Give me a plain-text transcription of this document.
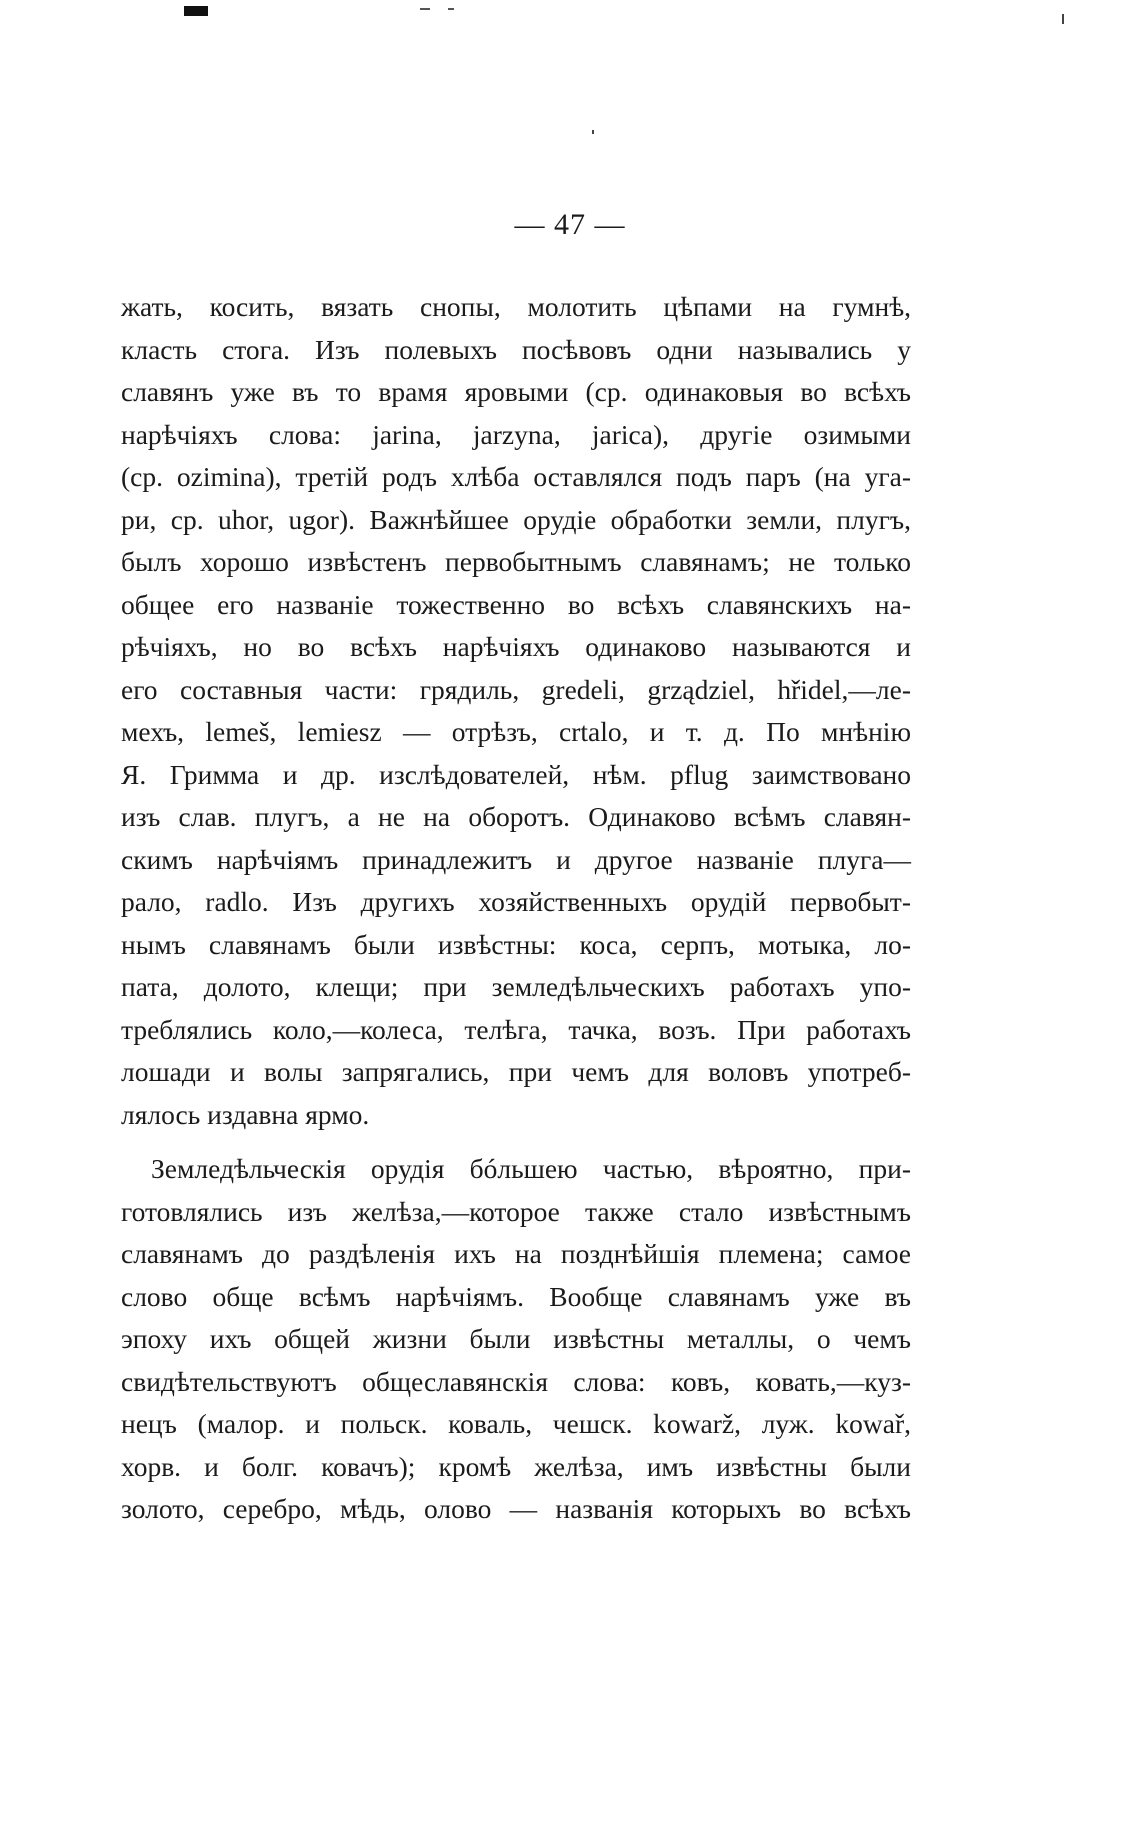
— 47 —
жать, косить, вязать снопы, молотить цѣпами на гумнѣ,
класть стога. Изъ полевыхъ посѣвовъ одни назывались у
славянъ уже въ то врамя яровыми (ср. одинаковыя во всѣхъ
нарѣчіяхъ слова: jarina, jarzyna, jarica), другіе озимыми
(ср. ozimina), третій родъ хлѣба оставлялся подъ паръ (на уга-
ри, ср. uhor, ugor). Важнѣйшее орудіе обработки земли, плугъ,
былъ хорошо извѣстенъ первобытнымъ славянамъ; не только
общее его названіе тожественно во всѣхъ славянскихъ на-
рѣчіяхъ, но во всѣхъ нарѣчіяхъ одинаково называются и
его составныя части: грядиль, gredeli, grządziel, hřidel,—ле-
мехъ, lemeš, lemiesz — отрѣзъ, crtalo, и т. д. По мнѣнію
Я. Гримма и др. изслѣдователей, нѣм. pflug заимствовано
изъ слав. плугъ, а не на оборотъ. Одинаково всѣмъ славян-
скимъ нарѣчіямъ принадлежитъ и другое названіе плуга—
рало, radlo. Изъ другихъ хозяйственныхъ орудій первобыт-
нымъ славянамъ были извѣстны: коса, серпъ, мотыка, ло-
пата, долото, клещи; при земледѣльческихъ работахъ упо-
треблялись коло,—колеса, телѣга, тачка, возъ. При работахъ
лошади и волы запрягались, при чемъ для воловъ употреб-
лялось издавна ярмо.
Земледѣльческія орудія бóльшею частью, вѣроятно, при-
готовлялись изъ желѣза,—которое также стало извѣстнымъ
славянамъ до раздѣленія ихъ на позднѣйшія племена; самое
слово обще всѣмъ нарѣчіямъ. Вообще славянамъ уже въ
эпоху ихъ общей жизни были извѣстны металлы, о чемъ
свидѣтельствуютъ общеславянскія слова: ковъ, ковать,—куз-
нецъ (малор. и польск. коваль, чешск. kowarž, луж. kowař,
хорв. и болг. ковачъ); кромѣ желѣза, имъ извѣстны были
золото, серебро, мѣдь, олово — названія которыхъ во всѣхъ
